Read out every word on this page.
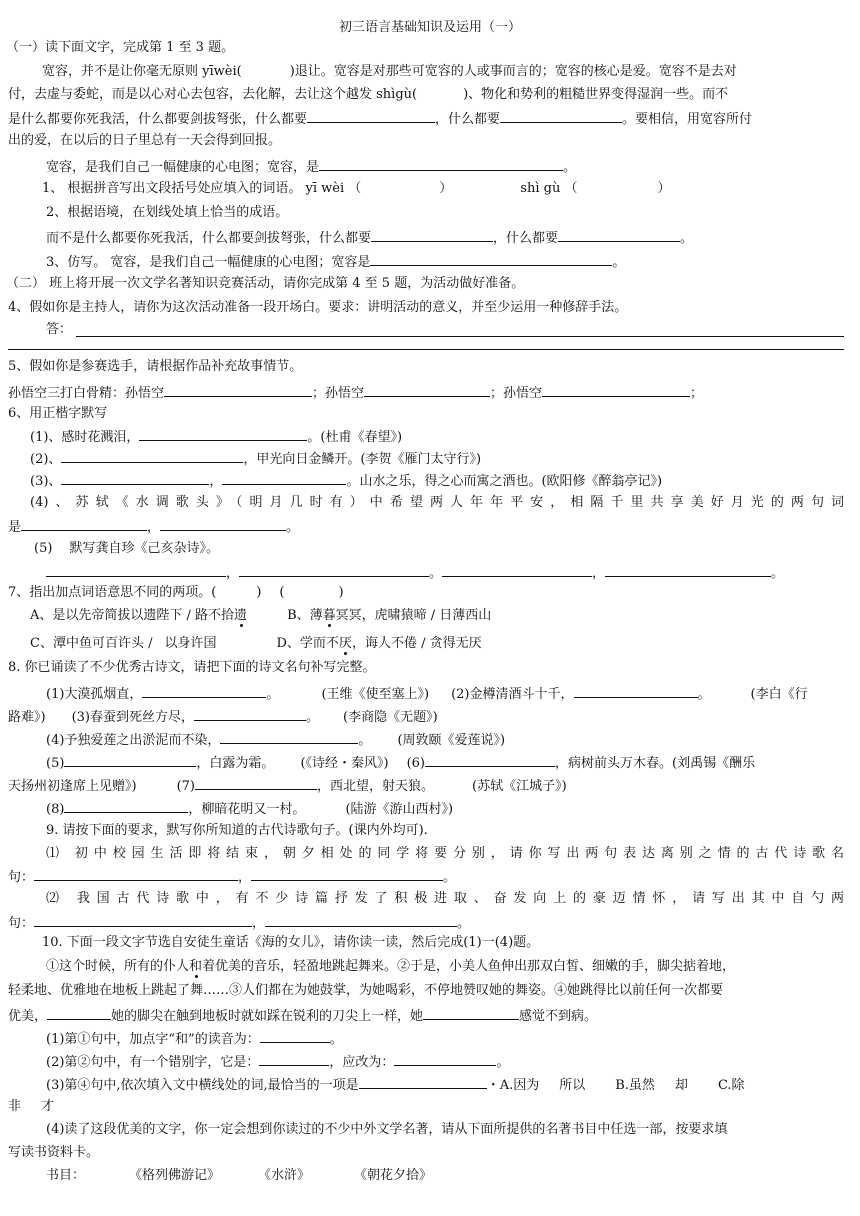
初三语言基础知识及运用（一）
（一）读下面文字，完成第 1 至 3 题。
宽容，并不是让你毫无原则 yīwèi(	)退让。宽容是对那些可宽容的人或事而言的；宽容的核心是爱。宽容不是去对
付，去虚与委蛇，而是以心对心去包容，去化解，去让这个越发 shìgù(	)、物化和势利的粗糙世界变得湿润一些。而不
是什么都要你死我活，什么都要剑拔弩张，什么都要	，什么都要	。要相信，用宽容所付
出的爱，在以后的日子里总有一天会得到回报。
宽容，是我们自己一幅健康的心电图；宽容，是	。
1、 根据拼音写出文段括号处应填入的词语。 yī wèi （	）	shì gù （	）
2、根据语境，在划线处填上恰当的成语。
而不是什么都要你死我活，什么都要剑拔弩张，什么都要	，什么都要	。
3、仿写。 宽容，是我们自己一幅健康的心电图；宽容是	。
（二） 班上将开展一次文学名著知识竞赛活动，请你完成第 4 至 5 题，为活动做好准备。
4、假如你是主持人，请你为这次活动准备一段开场白。要求：讲明活动的意义，并至少运用一种修辞手法。
答：
5、假如你是参赛选手，请根据作品补充故事情节。
孙悟空三打白骨精：孙悟空	；孙悟空	；孙悟空	；
6、用正楷字默写
(1)、感时花溅泪，	。(杜甫《春望》)
(2)、	，甲光向日金鳞开。(李贺《雁门太守行》)
(3)、	，	。山水之乐，得之心而寓之酒也。(欧阳修《醉翁亭记》)
(4)、苏轼《水调歌头》（明月几时有）中希望两人年年平安，相隔千里共享美好月光的两句词
是	，	。
(5)　 默写龚自珍《己亥杂诗》。
，	。	，	。
7、指出加点词语意思不同的两项。(	) (	)
A、是以先帝简拔以遗陛下 / 路不拾遗	B、薄暮冥冥，虎啸猿啼 / 日薄西山
C、潭中鱼可百许头 / 以身许国	D、学而不厌，诲人不倦 / 贪得无厌
8. 你已诵读了不少优秀古诗文，请把下面的诗文名句补写完整。
(1)大漠孤烟直，	。	(王维《使至塞上》) (2)金樽清酒斗十千，	。	(李白《行
路难》) (3)春蚕到死丝方尽，	。 (李商隐《无题》)
(4)予独爱莲之出淤泥而不染，	。 (周敦颐《爱莲说》)
(5)	，白露为霜。 (《诗经・秦风》) (6)	，病树前头万木春。(刘禹锡《酬乐
天扬州初逢席上见赠》)	(7)	，西北望，射天狼。	(苏轼《江城子》)
(8)	，柳暗花明又一村。	(陆游《游山西村》)
9. 请按下面的要求，默写你所知道的古代诗歌句子。(课内外均可).
⑴ 初中校园生活即将结束，朝夕相处的同学将要分别，请你写出两句表达离别之情的古代诗歌名
句：	，	。
⑵ 我国古代诗歌中，有不少诗篇抒发了积极进取、奋发向上的豪迈情怀，请写出其中自勺两
句：	，	。
10. 下面一段文字节选自安徒生童话《海的女儿》，请你读一读，然后完成(1)一(4)题。
①这个时候，所有的仆人和着优美的音乐，轻盈地跳起舞来。②于是，小美人鱼伸出那双白皙、细嫩的手，脚尖掂着地，
轻柔地、优雅地在地板上跳起了舞……③人们都在为她鼓掌，为她喝彩，不停地赞叹她的舞姿。④她跳得比以前任何一次都要
优美，	她的脚尖在触到地板时就如踩在锐利的刀尖上一样，她	感觉不到病。
(1)第①句中，加点字“和”的读音为：	。
(2)第②句中，有一个错别字，它是：	，应改为：	。
(3)第④句中,依次填入文中横线处的词,最恰当的一项是	・A.因为 所以 B.虽然 却 C.除
非 才
(4)读了这段优美的文字，你一定会想到你读过的不少中外文学名著，请从下面所提供的名著书目中任选一部，按要求填
写读书资料卡。
书目：	《格列佛游记》	《水浒》	《朝花夕拾》
